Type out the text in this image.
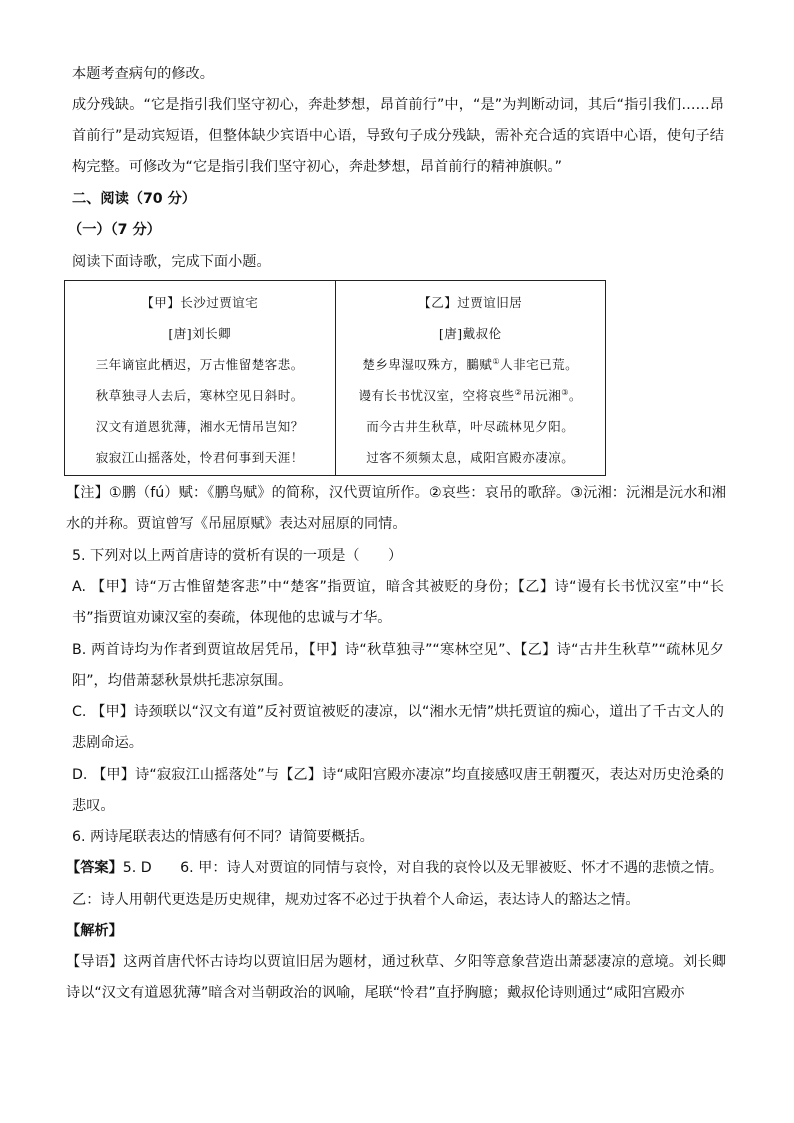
本题考查病句的修改。

成分残缺。“它是指引我们坚守初心，奔赴梦想，昂首前行”中，“是”为判断动词，其后“指引我们……昂首前行”是动宾短语，但整体缺少宾语中心语，导致句子成分残缺，需补充合适的宾语中心语，使句子结构完整。可修改为“它是指引我们坚守初心，奔赴梦想，昂首前行的精神旗帜。”

二、阅读（70 分）

（一）（7 分）

阅读下面诗歌，完成下面小题。

【甲】长沙过贾谊宅
[唐]刘长卿
三年谪宦此栖迟，万古惟留楚客悲。
秋草独寻人去后，寒林空见日斜时。
汉文有道恩犹薄，湘水无情吊岂知？
寂寂江山摇落处，怜君何事到天涯！
【乙】过贾谊旧居
[唐]戴叔伦
楚乡卑湿叹殊方，鵩赋①人非宅已荒。
谩有长书忧汉室，空将哀些②吊沅湘③。
而今古井生秋草，叶尽疏林见夕阳。
过客不须频太息，咸阳宫殿亦凄凉。

【注】①鹏（fú）赋：《鹏鸟赋》的简称，汉代贾谊所作。②哀些：哀吊的歌辞。③沅湘：沅湘是沅水和湘水的并称。贾谊曾写《吊屈原赋》表达对屈原的同情。

5. 下列对以上两首唐诗的赏析有误的一项是（　　）

A. 【甲】诗“万古惟留楚客悲”中“楚客”指贾谊，暗含其被贬的身份；【乙】诗“谩有长书忧汉室”中“长书”指贾谊劝谏汉室的奏疏，体现他的忠诚与才华。

B. 两首诗均为作者到贾谊故居凭吊，【甲】诗“秋草独寻”“寒林空见”、【乙】诗“古井生秋草”“疏林见夕阳”，均借萧瑟秋景烘托悲凉氛围。

C. 【甲】诗颈联以“汉文有道”反衬贾谊被贬的凄凉，以“湘水无情”烘托贾谊的痴心，道出了千古文人的悲剧命运。

D. 【甲】诗“寂寂江山摇落处”与【乙】诗“咸阳宫殿亦凄凉”均直接感叹唐王朝覆灭，表达对历史沧桑的悲叹。

6. 两诗尾联表达的情感有何不同？请简要概括。

【答案】5. D　　6. 甲：诗人对贾谊的同情与哀怜，对自我的哀怜以及无罪被贬、怀才不遇的悲愤之情。

乙：诗人用朝代更迭是历史规律，规劝过客不必过于执着个人命运，表达诗人的豁达之情。

【解析】

【导语】这两首唐代怀古诗均以贾谊旧居为题材，通过秋草、夕阳等意象营造出萧瑟凄凉的意境。刘长卿诗以“汉文有道恩犹薄”暗含对当朝政治的讽喻，尾联“怜君”直抒胸臆；戴叔伦诗则通过“咸阳宫殿亦
